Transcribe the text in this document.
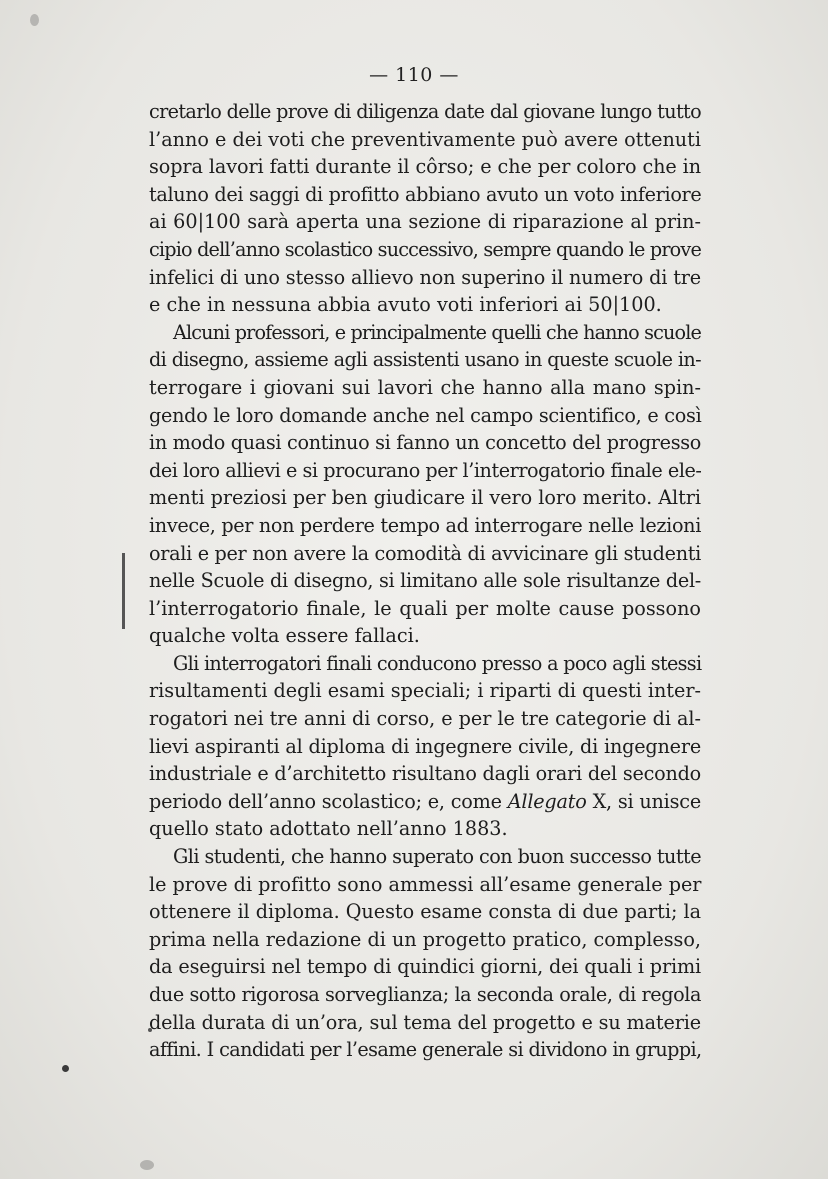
— 110 —
cretarlo delle prove di diligenza date dal giovane lungo tutto
l’anno e dei voti che preventivamente può avere ottenuti
sopra lavori fatti durante il côrso; e che per coloro che in
taluno dei saggi di profitto abbiano avuto un voto inferiore
ai 60|100 sarà aperta una sezione di riparazione al prin-
cipio dell’anno scolastico successivo, sempre quando le prove
infelici di uno stesso allievo non superino il numero di tre
e che in nessuna abbia avuto voti inferiori ai 50|100.
Alcuni professori, e principalmente quelli che hanno scuole
di disegno, assieme agli assistenti usano in queste scuole in-
terrogare i giovani sui lavori che hanno alla mano spin-
gendo le loro domande anche nel campo scientifico, e così
in modo quasi continuo si fanno un concetto del progresso
dei loro allievi e si procurano per l’interrogatorio finale ele-
menti preziosi per ben giudicare il vero loro merito. Altri
invece, per non perdere tempo ad interrogare nelle lezioni
orali e per non avere la comodità di avvicinare gli studenti
nelle Scuole di disegno, si limitano alle sole risultanze del-
l’interrogatorio finale, le quali per molte cause possono
qualche volta essere fallaci.
Gli interrogatori finali conducono presso a poco agli stessi
risultamenti degli esami speciali; i riparti di questi inter-
rogatori nei tre anni di corso, e per le tre categorie di al-
lievi aspiranti al diploma di ingegnere civile, di ingegnere
industriale e d’architetto risultano dagli orari del secondo
periodo dell’anno scolastico; e, come Allegato X, si unisce
quello stato adottato nell’anno 1883.
Gli studenti, che hanno superato con buon successo tutte
le prove di profitto sono ammessi all’esame generale per
ottenere il diploma. Questo esame consta di due parti; la
prima nella redazione di un progetto pratico, complesso,
da eseguirsi nel tempo di quindici giorni, dei quali i primi
due sotto rigorosa sorveglianza; la seconda orale, di regola
della durata di un’ora, sul tema del progetto e su materie
affini. I candidati per l’esame generale si dividono in gruppi,
